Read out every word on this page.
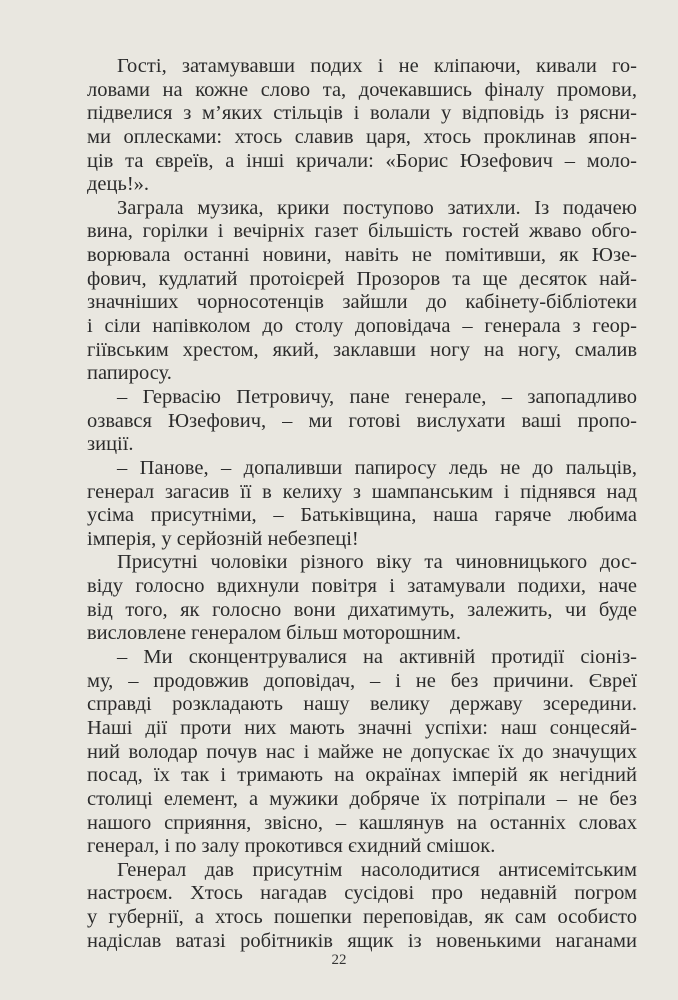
Гості, затамувавши подих і не кліпаючи, кивали го-
ловами на кожне слово та, дочекавшись фіналу промови,
підвелися з м’яких стільців і волали у відповідь із рясни-
ми оплесками: хтось славив царя, хтось проклинав япон-
ців та євреїв, а інші кричали: «Борис Юзефович – моло-
дець!».
Заграла музика, крики поступово затихли. Із подачею
вина, горілки і вечірніх газет більшість гостей жваво обго-
ворювала останні новини, навіть не помітивши, як Юзе-
фович, кудлатий протоієрей Прозоров та ще десяток най-
значніших чорносотенців зайшли до кабінету-бібліотеки
і сіли напівколом до столу доповідача – генерала з геор-
гіївським хрестом, який, заклавши ногу на ногу, смалив
папиросу.
– Гервасію Петровичу, пане генерале, – запопадливо
озвався Юзефович, – ми готові вислухати ваші пропо-
зиції.
– Панове, – допаливши папиросу ледь не до пальців,
генерал загасив її в келиху з шампанським і піднявся над
усіма присутніми, – Батьківщина, наша гаряче любима
імперія, у серйозній небезпеці!
Присутні чоловіки різного віку та чиновницького дос-
віду голосно вдихнули повітря і затамували подихи, наче
від того, як голосно вони дихатимуть, залежить, чи буде
висловлене генералом більш моторошним.
– Ми сконцентрувалися на активній протидії сіоніз-
му, – продовжив доповідач, – і не без причини. Євреї
справді розкладають нашу велику державу зсередини.
Наші дії проти них мають значні успіхи: наш сонцесяй-
ний володар почув нас і майже не допускає їх до значущих
посад, їх так і тримають на окраїнах імперій як негідний
столиці елемент, а мужики добряче їх потріпали – не без
нашого сприяння, звісно, – кашлянув на останніх словах
генерал, і по залу прокотився єхидний смішок.
Генерал дав присутнім насолодитися антисемітським
настроєм. Хтось нагадав сусідові про недавній погром
у губернії, а хтось пошепки переповідав, як сам особисто
надіслав ватазі робітників ящик із новенькими наганами
22
